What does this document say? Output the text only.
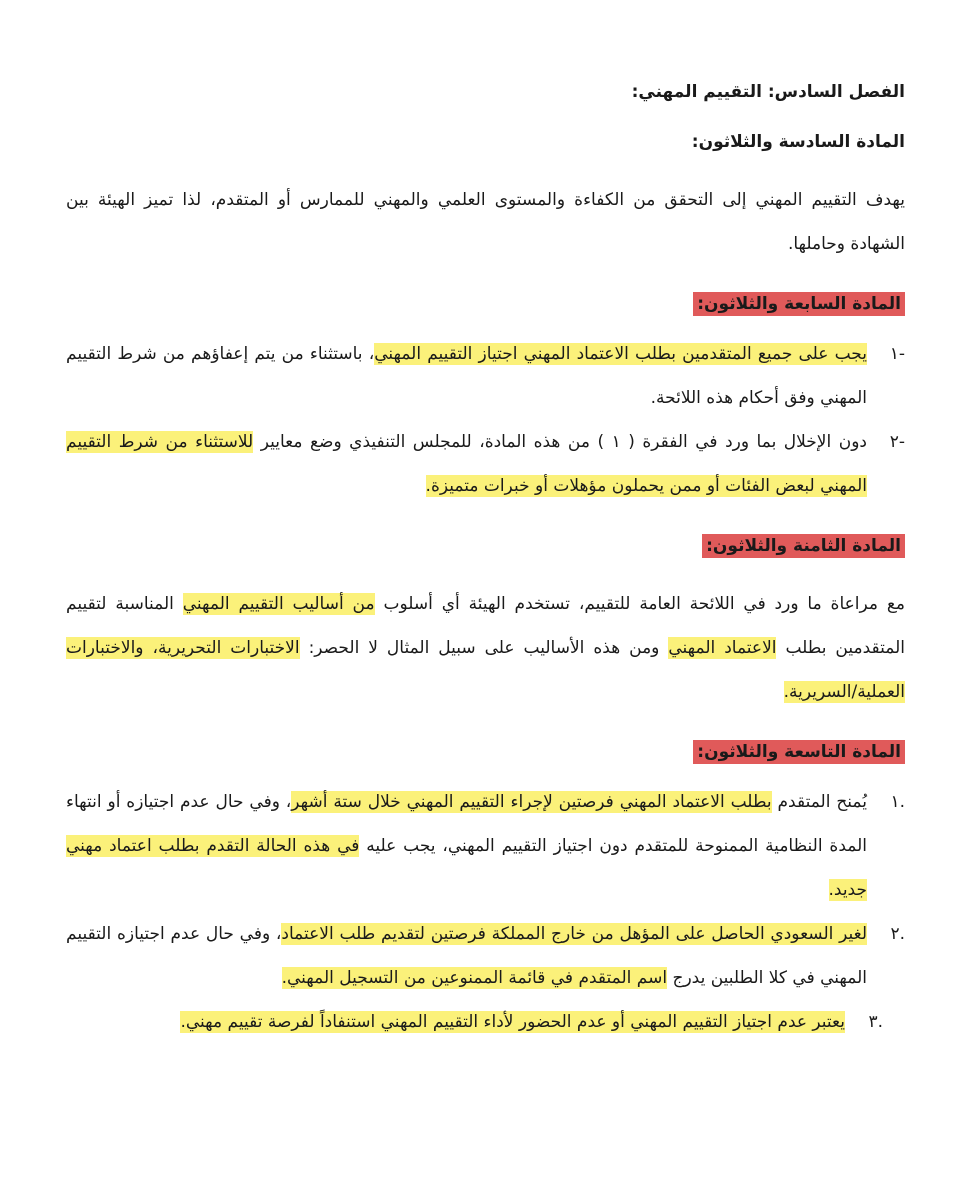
الفصل السادس: التقييم المهني:

المادة السادسة والثلاثون:

يهدف التقييم المهني إلى التحقق من الكفاءة والمستوى العلمي والمهني للممارس أو المتقدم، لذا تميز الهيئة بين الشهادة وحاملها.

المادة السابعة والثلاثون:

-١
يجب على جميع المتقدمين بطلب الاعتماد المهني اجتياز التقييم المهني، باستثناء من يتم إعفاؤهم من شرط التقييم المهني وفق أحكام هذه اللائحة.
-٢
دون الإخلال بما ورد في الفقرة ( ١ ) من هذه المادة، للمجلس التنفيذي وضع معايير للاستثناء من شرط التقييم المهني لبعض الفئات أو ممن يحملون مؤهلات أو خبرات متميزة.

المادة الثامنة والثلاثون:

مع مراعاة ما ورد في اللائحة العامة للتقييم، تستخدم الهيئة أي أسلوب من أساليب التقييم المهني المناسبة لتقييم المتقدمين بطلب الاعتماد المهني ومن هذه الأساليب على سبيل المثال لا الحصر: الاختبارات التحريرية، والاختبارات العملية/السريرية.

المادة التاسعة والثلاثون:

.١
يُمنح المتقدم بطلب الاعتماد المهني فرصتين لإجراء التقييم المهني خلال ستة أشهر، وفي حال عدم اجتيازه أو انتهاء المدة النظامية الممنوحة للمتقدم دون اجتياز التقييم المهني، يجب عليه في هذه الحالة التقدم بطلب اعتماد مهني جديد.
.٢
لغير السعودي الحاصل على المؤهل من خارج المملكة فرصتين لتقديم طلب الاعتماد، وفي حال عدم اجتيازه التقييم المهني في كلا الطلبين يدرج اسم المتقدم في قائمة الممنوعين من التسجيل المهني.
.٣
يعتبر عدم اجتياز التقييم المهني أو عدم الحضور لأداء التقييم المهني استنفاداً لفرصة تقييم مهني.
